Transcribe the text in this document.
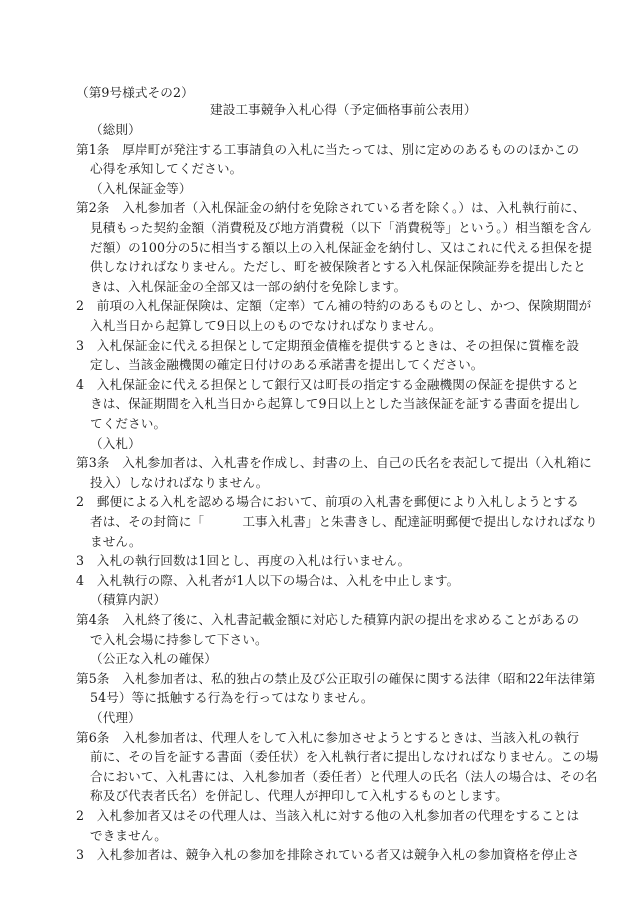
（第9号様式その2）
建設工事競争入札心得（予定価格事前公表用）
（総則）
第1条　厚岸町が発注する工事請負の入札に当たっては、別に定めのあるもののほかこの
心得を承知してください。
（入札保証金等）
第2条　入札参加者（入札保証金の納付を免除されている者を除く。）は、入札執行前に、
見積もった契約金額（消費税及び地方消費税（以下「消費税等」という。）相当額を含ん
だ額）の100分の5に相当する額以上の入札保証金を納付し、又はこれに代える担保を提
供しなければなりません。ただし、町を被保険者とする入札保証保険証券を提出したと
きは、入札保証金の全部又は一部の納付を免除します。
2　前項の入札保証保険は、定額（定率）てん補の特約のあるものとし、かつ、保険期間が
入札当日から起算して9日以上のものでなければなりません。
3　入札保証金に代える担保として定期預金債権を提供するときは、その担保に質権を設
定し、当該金融機関の確定日付けのある承諾書を提出してください。
4　入札保証金に代える担保として銀行又は町長の指定する金融機関の保証を提供すると
きは、保証期間を入札当日から起算して9日以上とした当該保証を証する書面を提出し
てください。
（入札）
第3条　入札参加者は、入札書を作成し、封書の上、自己の氏名を表記して提出（入札箱に
投入）しなければなりません。
2　郵便による入札を認める場合において、前項の入札書を郵便により入札しようとする
者は、その封筒に「　　　工事入札書」と朱書きし、配達証明郵便で提出しなければなり
ません。
3　入札の執行回数は1回とし、再度の入札は行いません。
4　入札執行の際、入札者が1人以下の場合は、入札を中止します。
（積算内訳）
第4条　入札終了後に、入札書記載金額に対応した積算内訳の提出を求めることがあるの
で入札会場に持参して下さい。
（公正な入札の確保）
第5条　入札参加者は、私的独占の禁止及び公正取引の確保に関する法律（昭和22年法律第
54号）等に抵触する行為を行ってはなりません。
（代理）
第6条　入札参加者は、代理人をして入札に参加させようとするときは、当該入札の執行
前に、その旨を証する書面（委任状）を入札執行者に提出しなければなりません。この場
合において、入札書には、入札参加者（委任者）と代理人の氏名（法人の場合は、その名
称及び代表者氏名）を併記し、代理人が押印して入札するものとします。
2　入札参加者又はその代理人は、当該入札に対する他の入札参加者の代理をすることは
できません。
3　入札参加者は、競争入札の参加を排除されている者又は競争入札の参加資格を停止さ
